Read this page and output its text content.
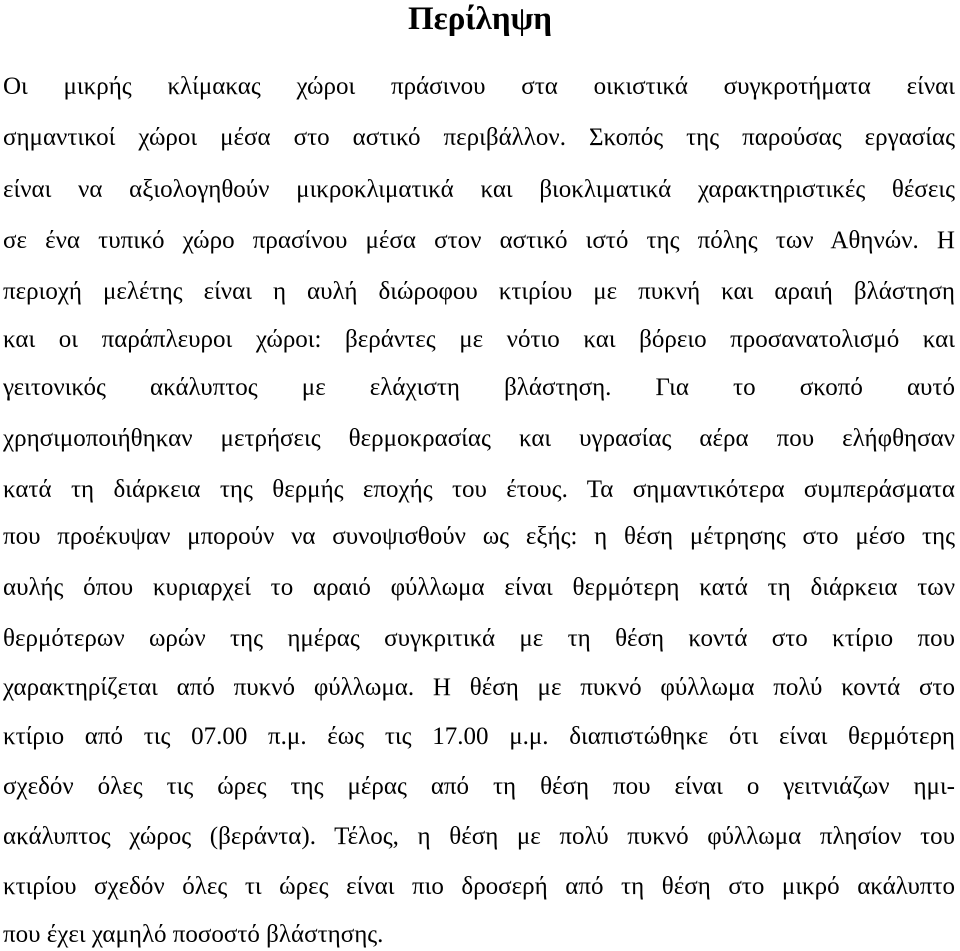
Περίληψη

Οι μικρής κλίμακας χώροι πράσινου στα οικιστικά συγκροτήματα είναι

σημαντικοί χώροι μέσα στο αστικό περιβάλλον. Σκοπός της παρούσας εργασίας

είναι να αξιολογηθούν μικροκλιματικά και βιοκλιματικά χαρακτηριστικές θέσεις

σε ένα τυπικό χώρο πρασίνου μέσα στον αστικό ιστό της πόλης των Αθηνών. Η

περιοχή μελέτης είναι η αυλή διώροφου κτιρίου με πυκνή και αραιή βλάστηση

και οι παράπλευροι χώροι: βεράντες με νότιο και βόρειο προσανατολισμό και

γειτονικός ακάλυπτος με ελάχιστη βλάστηση. Για το σκοπό αυτό

χρησιμοποιήθηκαν μετρήσεις θερμοκρασίας και υγρασίας αέρα που ελήφθησαν

κατά τη διάρκεια της θερμής εποχής του έτους. Τα σημαντικότερα συμπεράσματα

που προέκυψαν μπορούν να συνοψισθούν ως εξής: η θέση μέτρησης στο μέσο της

αυλής όπου κυριαρχεί το αραιό φύλλωμα είναι θερμότερη κατά τη διάρκεια των

θερμότερων ωρών της ημέρας συγκριτικά με τη θέση κοντά στο κτίριο που

χαρακτηρίζεται από πυκνό φύλλωμα. Η θέση με πυκνό φύλλωμα πολύ κοντά στο

κτίριο από τις 07.00 π.μ. έως τις 17.00 μ.μ. διαπιστώθηκε ότι είναι θερμότερη

σχεδόν όλες τις ώρες της μέρας από τη θέση που είναι ο γειτνιάζων ημι-

ακάλυπτος χώρος (βεράντα). Τέλος, η θέση με πολύ πυκνό φύλλωμα πλησίον του

κτιρίου σχεδόν όλες τι ώρες είναι πιο δροσερή από τη θέση στο μικρό ακάλυπτο

που έχει χαμηλό ποσοστό βλάστησης.
